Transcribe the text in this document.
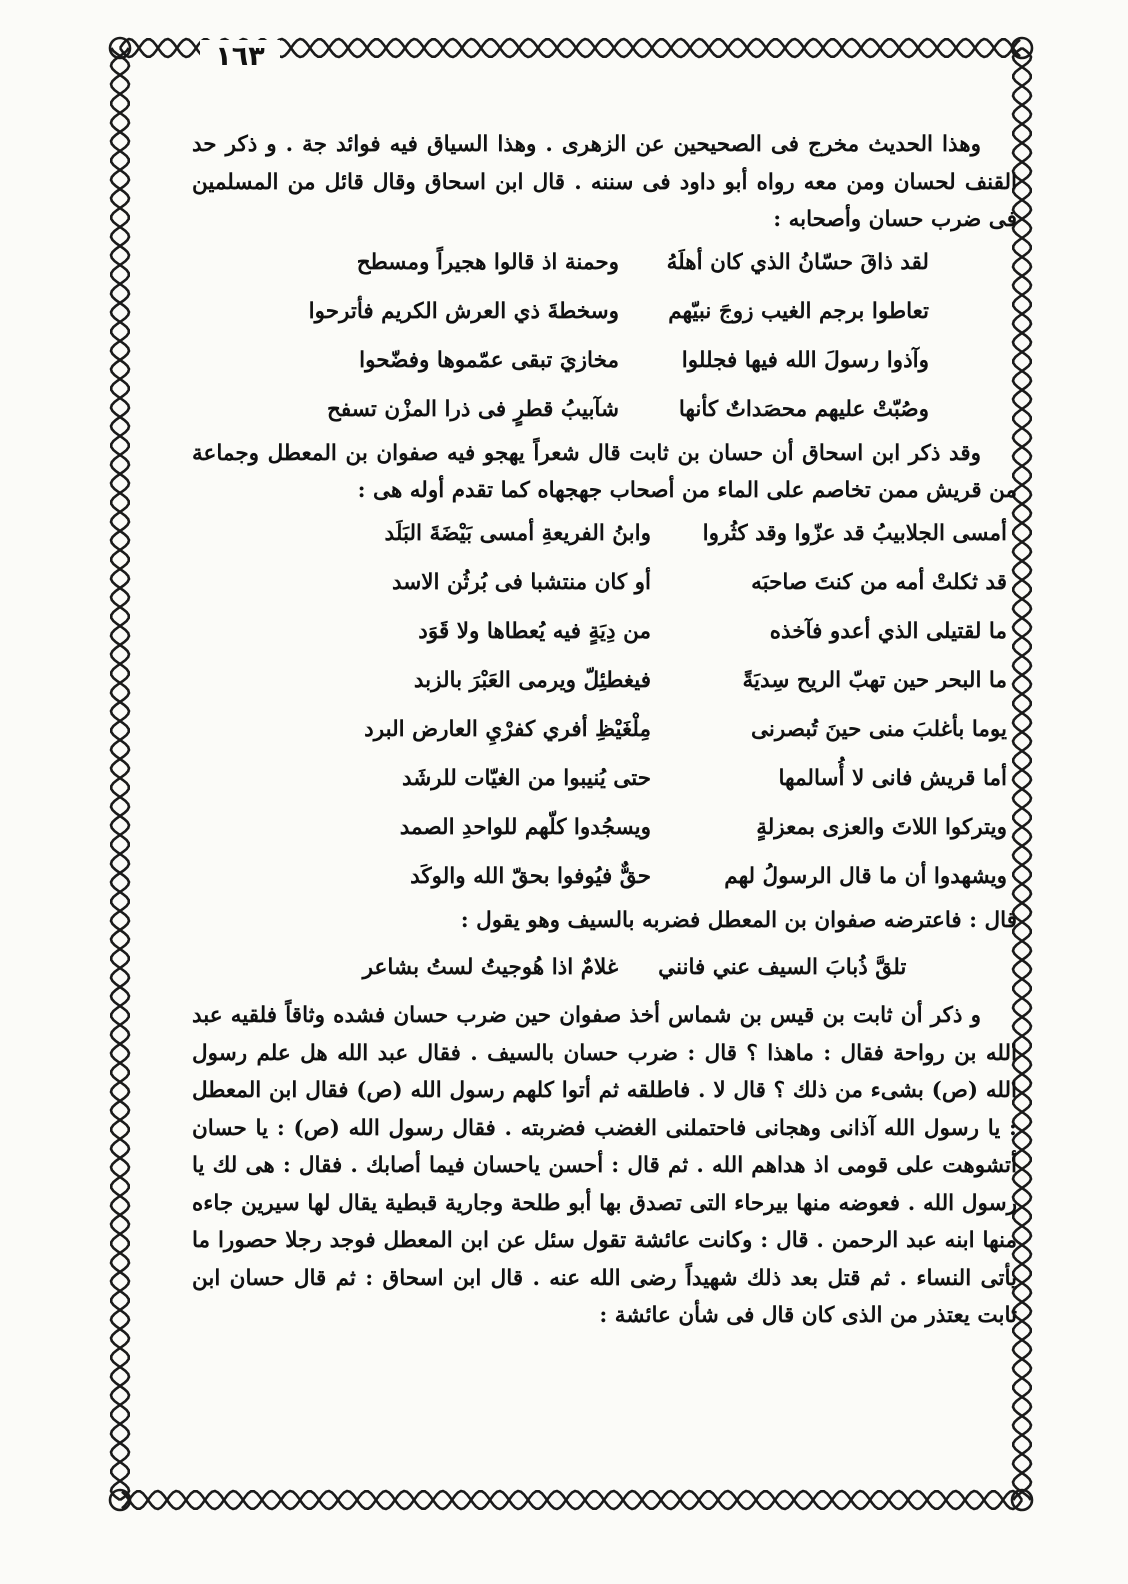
١٦٣

وهذا الحديث مخرج فى الصحيحين عن الزهرى . وهذا السياق فيه فوائد جة . و ذكر حد القنف لحسان ومن معه رواه أبو داود فى سننه . قال ابن اسحاق وقال قائل من المسلمين فى ضرب حسان وأصحابه :

لقد ذاقَ حسّانُ الذي كان أهلَهُ
وحمنة اذ قالوا هجيراً ومسطح
تعاطوا برجم الغيب زوجَ نبيّهم
وسخطةَ ذي العرش الكريم فأترحوا
وآذوا رسولَ الله فيها فجللوا
مخازيَ تبقى عمّموها وفضّحوا
وصُبّتْ عليهم محصَداتٌ كأنها
شآبيبُ قطرٍ فى ذرا المزْن تسفح

وقد ذكر ابن اسحاق أن حسان بن ثابت قال شعراً يهجو فيه صفوان بن المعطل وجماعة من قريش ممن تخاصم على الماء من أصحاب جهجهاه كما تقدم أوله هى :

أمسى الجلابيبُ قد عزّوا وقد كثُروا
وابنُ الفريعةِ أمسى بَيْضَةَ البَلَد
قد ثكلتْ أمه من كنتَ صاحبَه
أو كان منتشبا فى بُرثُن الاسد
ما لقتيلى الذي أعدو فآخذه
من دِيَةٍ فيه يُعطاها ولا قَوَد
ما البحر حين تهبّ الريح سِديَةً
فيغطئِلّ ويرمى العَبْرَ بالزبد
يوما بأغلبَ منى حينَ تُبصرنى
مِلْغَيْظِ أفري كفرْيِ العارض البرد
أما قريش فانى لا أُسالمها
حتى يُنيبوا من الغيّات للرشَد
ويتركوا اللاتَ والعزى بمعزلةٍ
ويسجُدوا كلّهم للواحدِ الصمد
ويشهدوا أن ما قال الرسولُ لهم
حقٌّ فيُوفوا بحقّ الله والوكَد

قال : فاعترضه صفوان بن المعطل فضربه بالسيف وهو يقول :

تلقَّ ذُبابَ السيف عني فاننيغلامٌ اذا هُوجيتُ لستُ بشاعر

و ذكر أن ثابت بن قيس بن شماس أخذ صفوان حين ضرب حسان فشده وثاقاً فلقيه عبد الله بن رواحة فقال : ماهذا ؟ قال : ضرب حسان بالسيف . فقال عبد الله هل علم رسول الله (ص) بشىء من ذلك ؟ قال لا . فاطلقه ثم أتوا كلهم رسول الله (ص) فقال ابن المعطل : يا رسول الله آذانى وهجانى فاحتملنى الغضب فضربته . فقال رسول الله (ص) : يا حسان أتشوهت على قومى اذ هداهم الله . ثم قال : أحسن ياحسان فيما أصابك . فقال : هى لك يا رسول الله . فعوضه منها بيرحاء التى تصدق بها أبو طلحة وجارية قبطية يقال لها سيرين جاءه منها ابنه عبد الرحمن . قال : وكانت عائشة تقول سئل عن ابن المعطل فوجد رجلا حصورا ما يأتى النساء . ثم قتل بعد ذلك شهيداً رضى الله عنه . قال ابن اسحاق : ثم قال حسان ابن ثابت يعتذر من الذى كان قال فى شأن عائشة :
